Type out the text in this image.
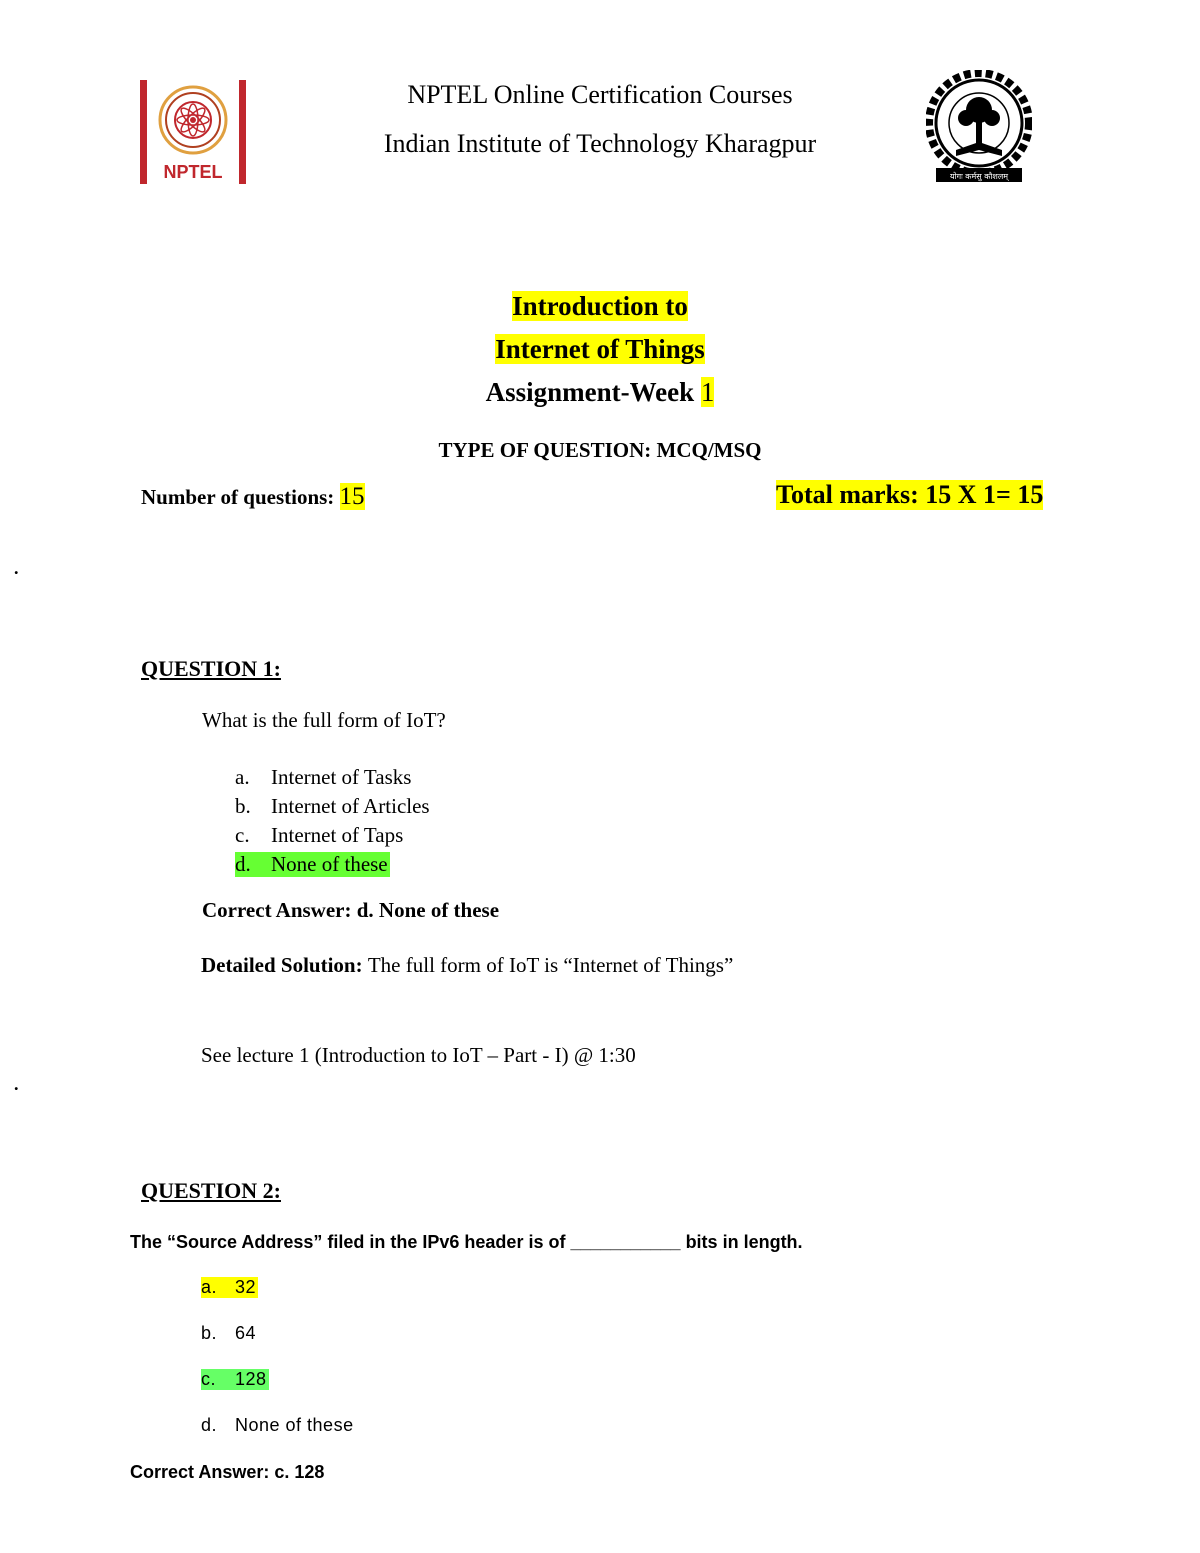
NPTEL
NPTEL Online Certification Courses
Indian Institute of Technology Kharagpur
योगः कर्मसु कौशलम्
Introduction to
Internet of Things
Assignment-Week 1
TYPE OF QUESTION: MCQ/MSQ
Number of questions: 15	Total marks: 15 X 1= 15
.
QUESTION 1:
What is the full form of IoT?
a. Internet of Tasks
b. Internet of Articles
c. Internet of Taps
d. None of these
Correct Answer: d. None of these
Detailed Solution: The full form of IoT is “Internet of Things”
See lecture 1 (Introduction to IoT – Part - I) @ 1:30
.
QUESTION 2:
The “Source Address” filed in the IPv6 header is of ___________ bits in length.
a. 32
b. 64
c. 128
d. None of these
Correct Answer: c. 128
